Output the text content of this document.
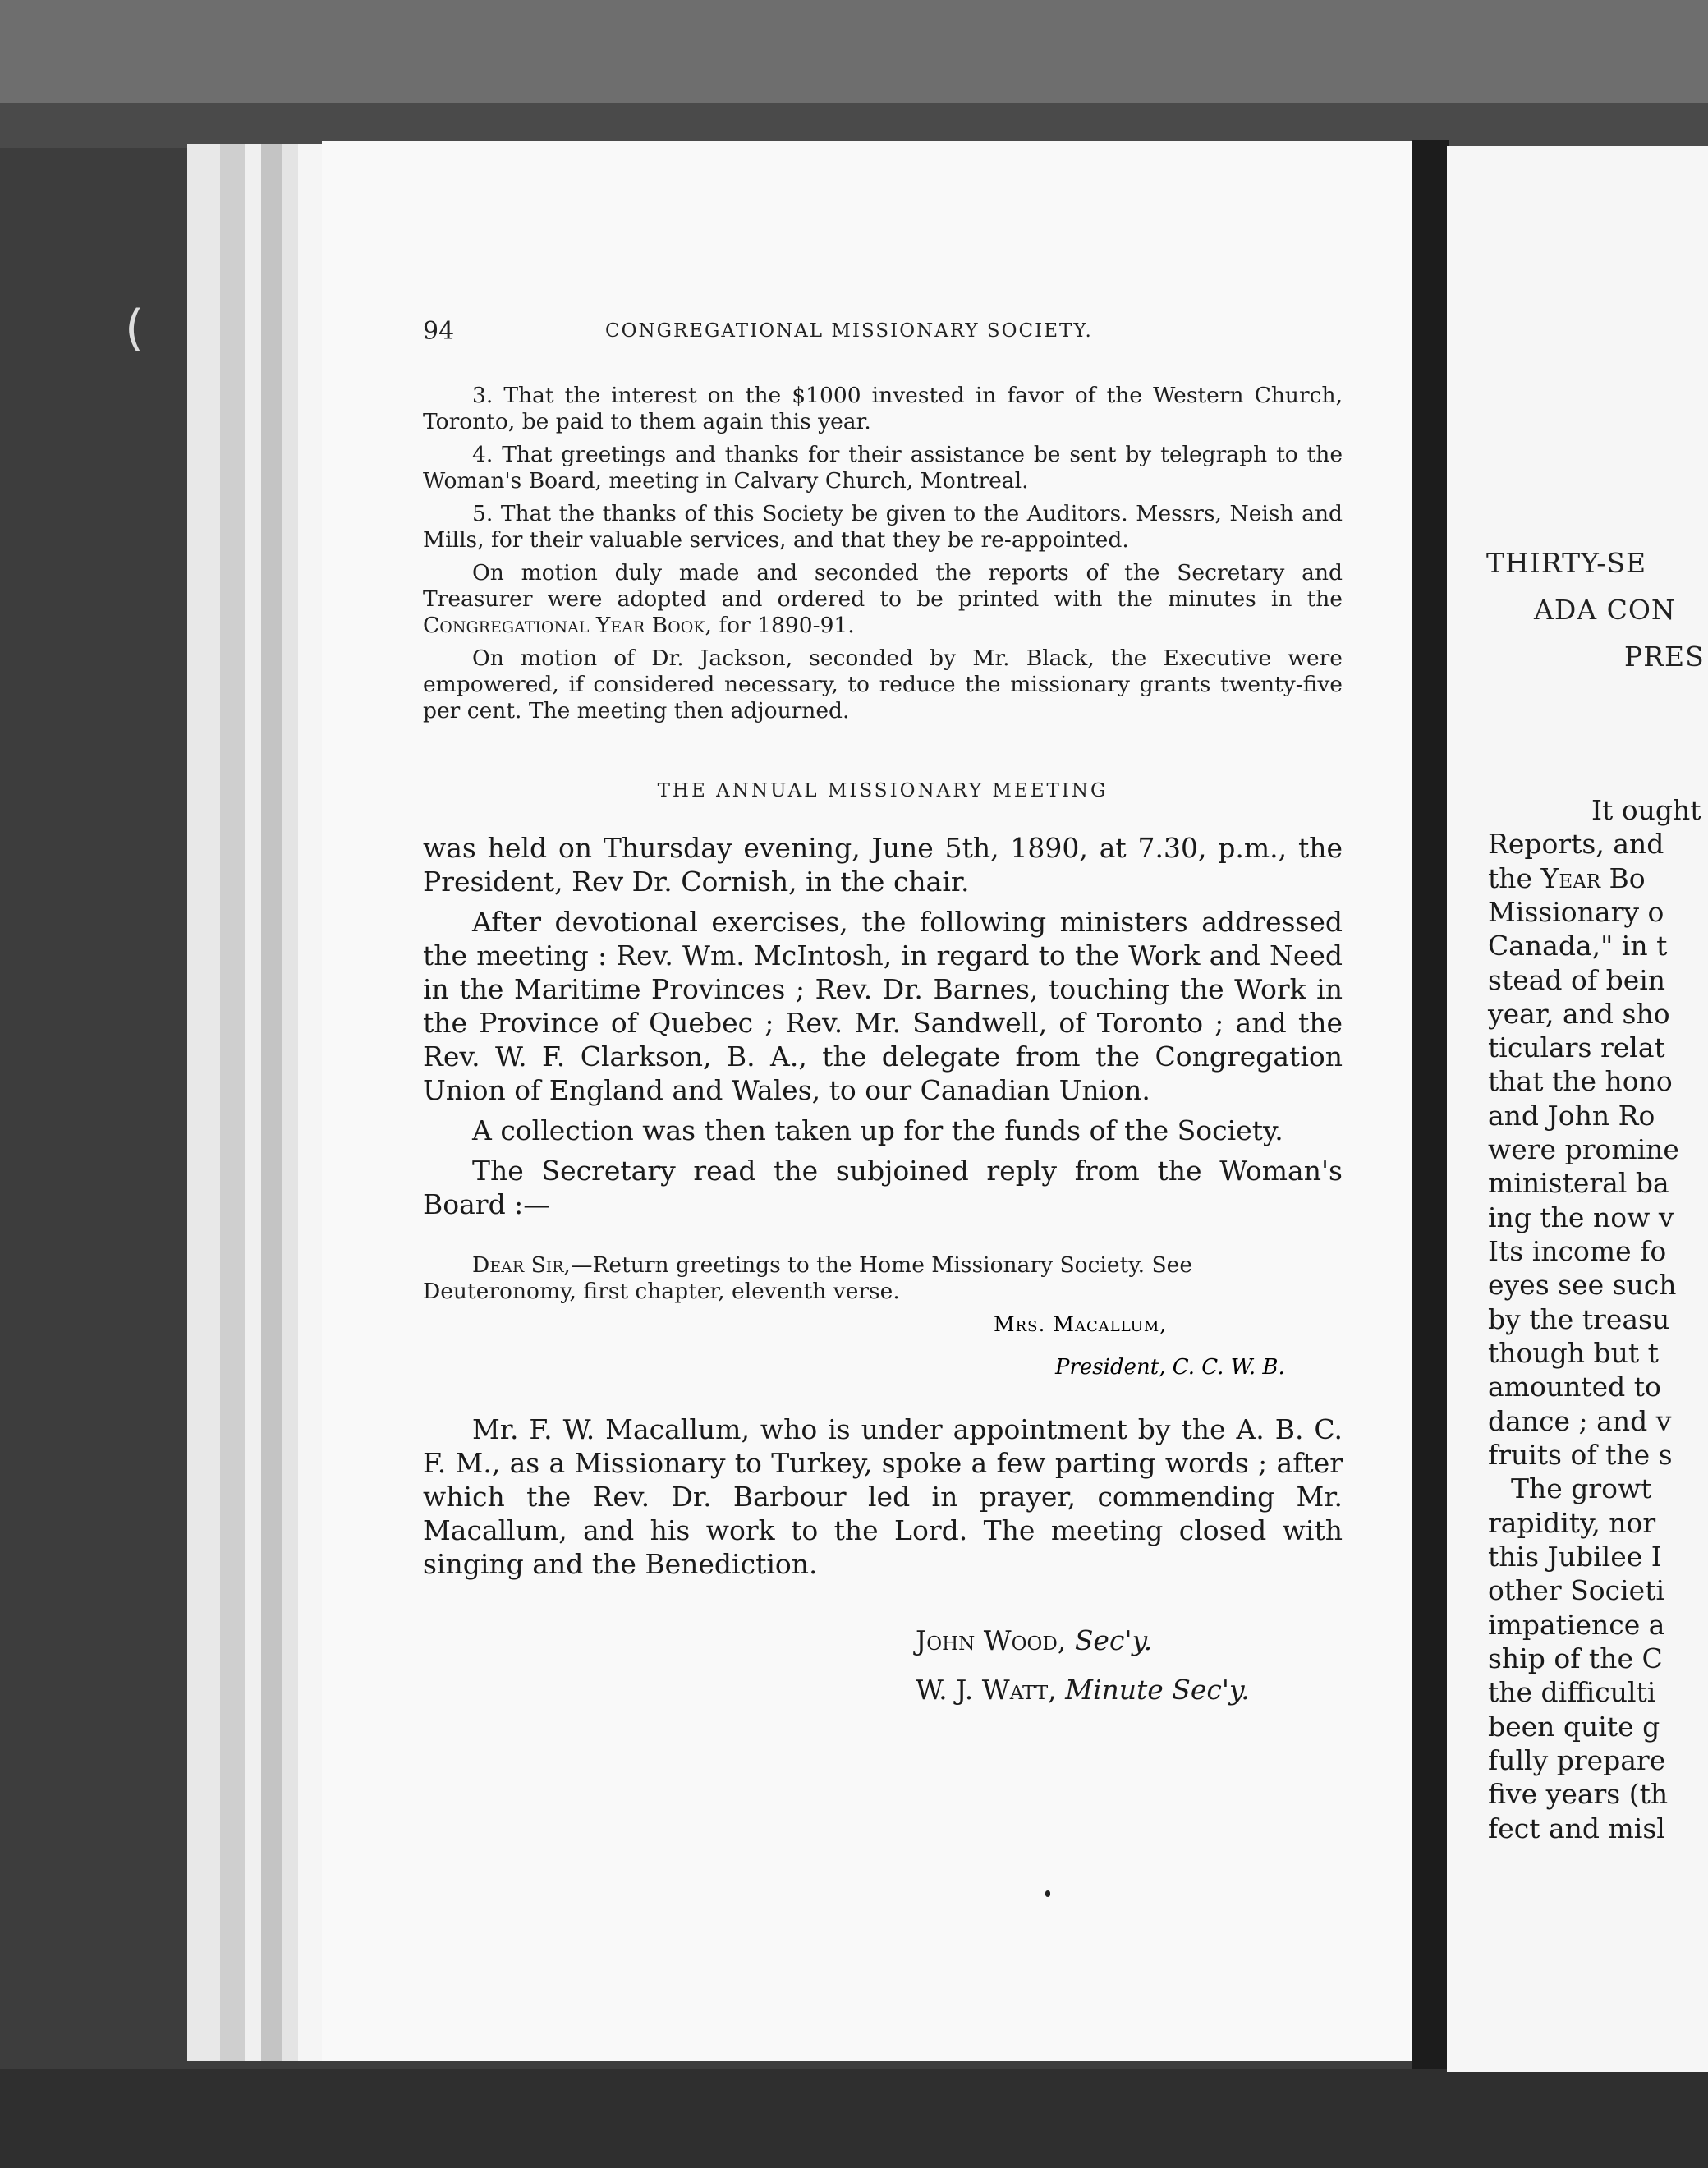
(	94	CONGREGATIONAL MISSIONARY SOCIETY.

3. That the interest on the $1000 invested in favor of the Western Church, Toronto, be paid to them again this year.

4. That greetings and thanks for their assistance be sent by telegraph to the Woman's Board, meeting in Calvary Church, Montreal.

5. That the thanks of this Society be given to the Auditors. Messrs, Neish and Mills, for their valuable services, and that they be re-appointed.

On motion duly made and seconded the reports of the Secretary and Treasurer were adopted and ordered to be printed with the minutes in the Congregational Year Book, for 1890-91.

On motion of Dr. Jackson, seconded by Mr. Black, the Executive were empowered, if considered necessary, to reduce the missionary grants twenty-five per cent. The meeting then adjourned.

THE ANNUAL MISSIONARY MEETING

was held on Thursday evening, June 5th, 1890, at 7.30, p.m., the President, Rev Dr. Cornish, in the chair.

After devotional exercises, the following ministers addressed the meeting : Rev. Wm. McIntosh, in regard to the Work and Need in the Maritime Provinces ; Rev. Dr. Barnes, touching the Work in the Province of Quebec ; Rev. Mr. Sandwell, of Toronto ; and the Rev. W. F. Clarkson, B. A., the delegate from the Congregation Union of England and Wales, to our Canadian Union.

A collection was then taken up for the funds of the Society.

The Secretary read the subjoined reply from the Woman's Board :—

Dear Sir,—Return greetings to the Home Missionary Society. See Deuteronomy, first chapter, eleventh verse.

Mrs. Macallum,
President, C. C. W. B.

Mr. F. W. Macallum, who is under appointment by the A. B. C. F. M., as a Missionary to Turkey, spoke a few parting words ; after which the Rev. Dr. Barbour led in prayer, commending Mr. Macallum, and his work to the Lord. The meeting closed with singing and the Benediction.

John Wood, Sec'y.
W. J. Watt, Minute Sec'y.
THIRTY-SE
ADA CON
PRES
It ought
Reports, and
the Year Bo
Missionary o
Canada," in t
stead of bein
year, and sho
ticulars relat
that the hono
and John Ro
were promine
ministeral ba
ing the now v
Its income fo
eyes see such
by the treasu
though but t
amounted to
dance ; and v
fruits of the s
The growt
rapidity, nor
this Jubilee I
other Societi
impatience a
ship of the C
the difficulti
been quite g
fully prepare
five years (th
fect and misl
